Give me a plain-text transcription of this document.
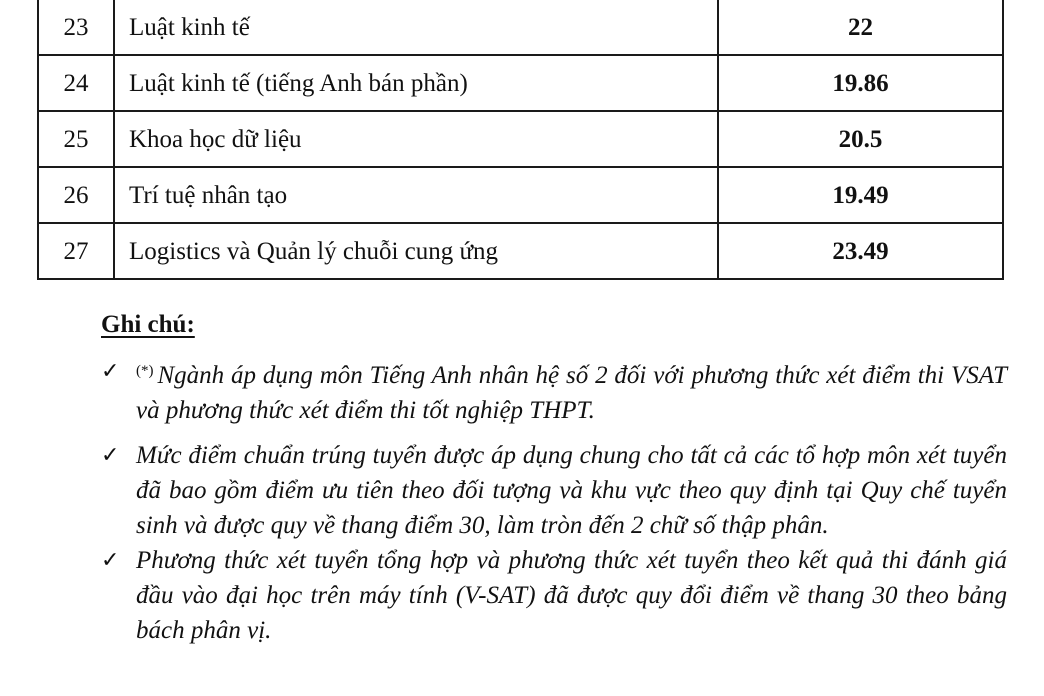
23	Luật kinh tế	22
24	Luật kinh tế (tiếng Anh bán phần)	19.86
25	Khoa học dữ liệu	20.5
26	Trí tuệ nhân tạo	19.49
27	Logistics và Quản lý chuỗi cung ứng	23.49
Ghi chú:
✓ (*) Ngành áp dụng môn Tiếng Anh nhân hệ số 2 đối với phương thức xét điểm thi VSAT và phương thức xét điểm thi tốt nghiệp THPT.
✓ Mức điểm chuẩn trúng tuyển được áp dụng chung cho tất cả các tổ hợp môn xét tuyển đã bao gồm điểm ưu tiên theo đối tượng và khu vực theo quy định tại Quy chế tuyển sinh và được quy về thang điểm 30, làm tròn đến 2 chữ số thập phân.
✓ Phương thức xét tuyển tổng hợp và phương thức xét tuyển theo kết quả thi đánh giá đầu vào đại học trên máy tính (V-SAT) đã được quy đổi điểm về thang 30 theo bảng bách phân vị.
